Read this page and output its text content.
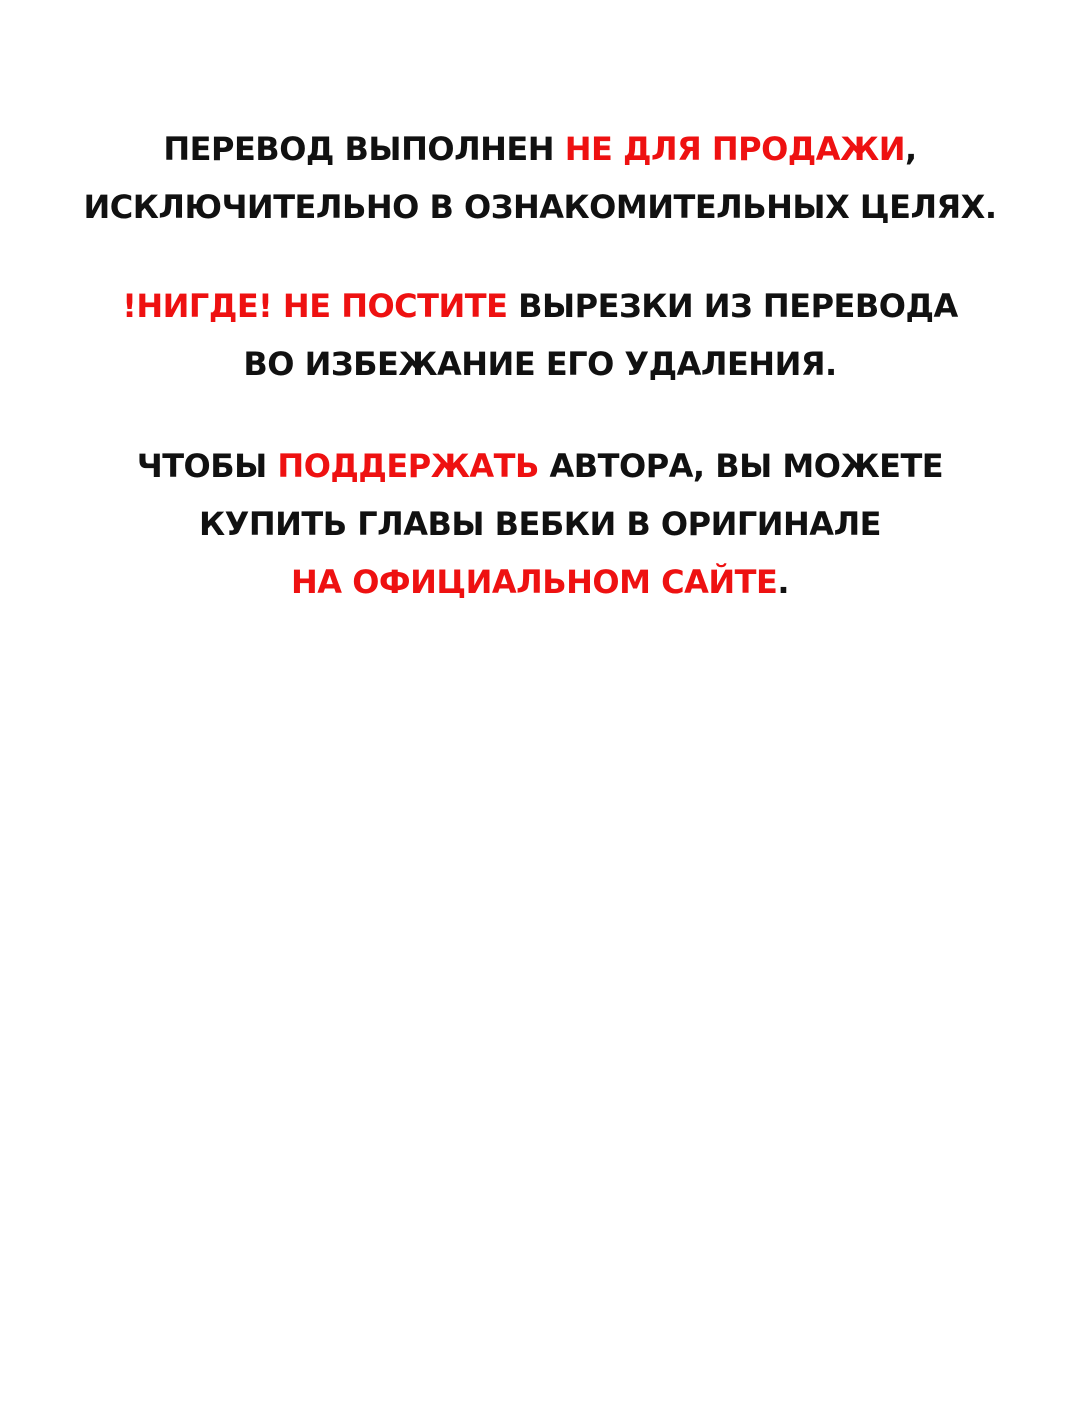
ПЕРЕВОД ВЫПОЛНЕН НЕ ДЛЯ ПРОДАЖИ,
ИСКЛЮЧИТЕЛЬНО В ОЗНАКОМИТЕЛЬНЫХ ЦЕЛЯХ.
!НИГДЕ! НЕ ПОСТИТЕ ВЫРЕЗКИ ИЗ ПЕРЕВОДА
ВО ИЗБЕЖАНИЕ ЕГО УДАЛЕНИЯ.
ЧТОБЫ ПОДДЕРЖАТЬ АВТОРА, ВЫ МОЖЕТЕ
КУПИТЬ ГЛАВЫ ВЕБКИ В ОРИГИНАЛЕ
НА ОФИЦИАЛЬНОМ САЙТЕ.
